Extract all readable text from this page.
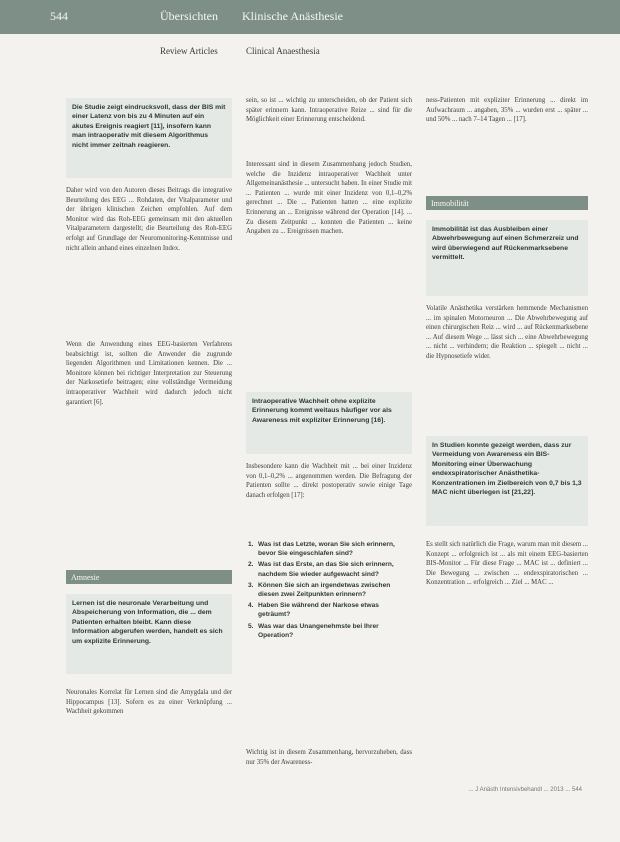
544	Übersichten Klinische Anästhesie
Review Articles	Clinical Anaesthesia
Die Studie zeigt eindrucksvoll, dass der BIS mit einer Latenz von bis zu 4 Minuten auf ein akutes Ereignis reagiert [11], insofern kann man intraoperativ mit diesem Algorithmus nicht immer zeitnah reagieren.

Daher wird von den Autoren dieses Beitrags die integrative Beurteilung des EEG ... Rohdaten, der Vitalparameter und der übrigen klinischen Zeichen empfohlen. Auf dem Monitor wird das Roh-EEG gemeinsam mit den aktuellen Vitalparametern dargestellt; die Beurteilung des Roh-EEG erfolgt auf Grundlage der Neuromonitoring-Kenntnisse und nicht allein anhand eines einzelnen Index.

Wenn die Anwendung eines EEG-basierten Verfahrens beabsichtigt ist, sollten die Anwender die zugrunde liegenden Algorithmen und Limitationen kennen. Die ... Monitore können bei richtiger Interpretation zur Steuerung der Narkosetiefe beitragen; eine vollständige Vermeidung intraoperativer Wachheit wird dadurch jedoch nicht garantiert [6].

Amnesie
Lernen ist die neuronale Verarbeitung und Abspeicherung von Information, die ... dem Patienten erhalten bleibt. Kann diese Information abgerufen werden, handelt es sich um explizite Erinnerung.

Neuronales Korrelat für Lernen sind die Amygdala und der Hippocampus [13]. Sofern es zu einer Verknüpfung ... Wachheit gekommen

sein, so ist ... wichtig zu unterscheiden, ob der Patient sich später erinnern kann. Intraoperative Reize ... sind für die Möglichkeit einer Erinnerung entscheidend.

Interessant sind in diesem Zusammenhang jedoch Studien, welche die Inzidenz intraoperativer Wachheit unter Allgemeinanästhesie ... untersucht haben. In einer Studie mit ... Patienten ... wurde mit einer Inzidenz von 0,1–0,2% gerechnet ... Die ... Patienten hatten ... eine explizite Erinnerung an ... Ereignisse während der Operation [14]. ... Zu diesem Zeitpunkt ... konnten die Patienten ... keine Angaben zu ... Ereignissen machen.

Intraoperative Wachheit ohne explizite Erinnerung kommt weitaus häufiger vor als Awareness mit expliziter Erinnerung [16].

Insbesondere kann die Wachheit mit ... bei einer Inzidenz von 0,1–0,2% ... angenommen werden. Die Befragung der Patienten sollte ... direkt postoperativ sowie einige Tage danach erfolgen [17]:

1. Was ist das Letzte, woran Sie sich erinnern, bevor Sie eingeschlafen sind?
2. Was ist das Erste, an das Sie sich erinnern, nachdem Sie wieder aufgewacht sind?
3. Können Sie sich an irgendetwas zwischen diesen zwei Zeitpunkten erinnern?
4. Haben Sie während der Narkose etwas geträumt?
5. Was war das Unangenehmste bei Ihrer Operation?

Wichtig ist in diesem Zusammenhang, hervorzuheben, dass nur 35% der Awareness-

ness-Patienten mit expliziter Erinnerung ... direkt im Aufwachraum ... angaben, 35% ... wurden erst ... später ... und 50% ... nach 7–14 Tagen ... [17].

Immobilität
Immobilität ist das Ausbleiben einer Abwehrbewegung auf einen Schmerzreiz und wird überwiegend auf Rückenmarksebene vermittelt.

Volatile Anästhetika verstärken hemmende Mechanismen ... im spinalen Motorneuron ... Die Abwehrbewegung auf einen chirurgischen Reiz ... wird ... auf Rückenmarksebene ... Auf diesem Wege ... lässt sich ... eine Abwehrbewegung ... nicht ... verhindern; die Reaktion ... spiegelt ... nicht ... die Hypnosetiefe wider.

In Studien konnte gezeigt werden, dass zur Vermeidung von Awareness ein BIS-Monitoring einer Überwachung endexspiratorischer Anästhetika-Konzentrationen im Zielbereich von 0,7 bis 1,3 MAC nicht überlegen ist [21,22].

Es stellt sich natürlich die Frage, warum man mit diesem ... Konzept ... erfolgreich ist ... als mit einem EEG-basierten BIS-Monitor ... Für diese Frage ... MAC ist ... definiert ... Die Bewegung ... zwischen ... endexspiratorischen ... Konzentration ... erfolgreich ... Ziel ... MAC ...

... J Anästh Intensivbehandl ... 2013 ... 544
